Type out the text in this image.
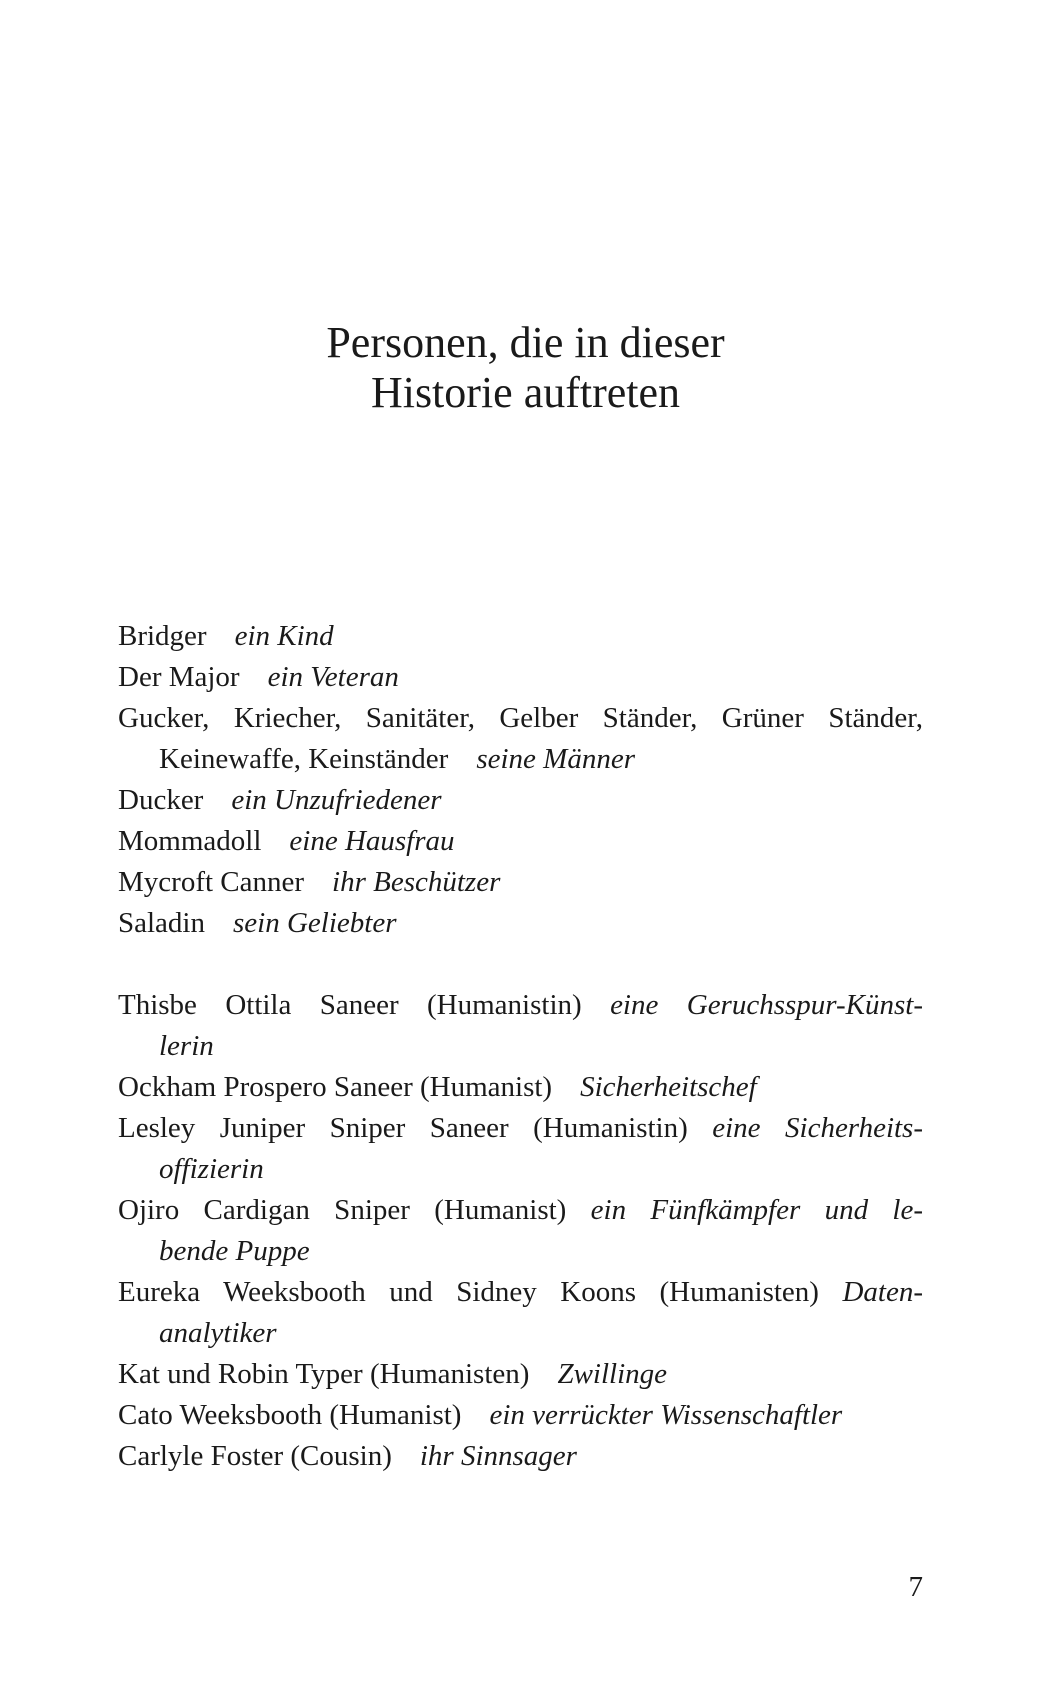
Personen, die in dieser
Historie auftreten
Bridger ein Kind
Der Major ein Veteran
Gucker, Kriecher, Sanitäter, Gelber Ständer, Grüner Ständer,
Keinewaffe, Keinständer seine Männer
Ducker ein Unzufriedener
Mommadoll eine Hausfrau
Mycroft Canner ihr Beschützer
Saladin sein Geliebter
Thisbe Ottila Saneer (Humanistin) eine Geruchsspur-Künst-
lerin
Ockham Prospero Saneer (Humanist) Sicherheitschef
Lesley Juniper Sniper Saneer (Humanistin) eine Sicherheits-
offizierin
Ojiro Cardigan Sniper (Humanist) ein Fünfkämpfer und le-
bende Puppe
Eureka Weeksbooth und Sidney Koons (Humanisten) Daten-
analytiker
Kat und Robin Typer (Humanisten) Zwillinge
Cato Weeksbooth (Humanist) ein verrückter Wissenschaftler
Carlyle Foster (Cousin) ihr Sinnsager
7
